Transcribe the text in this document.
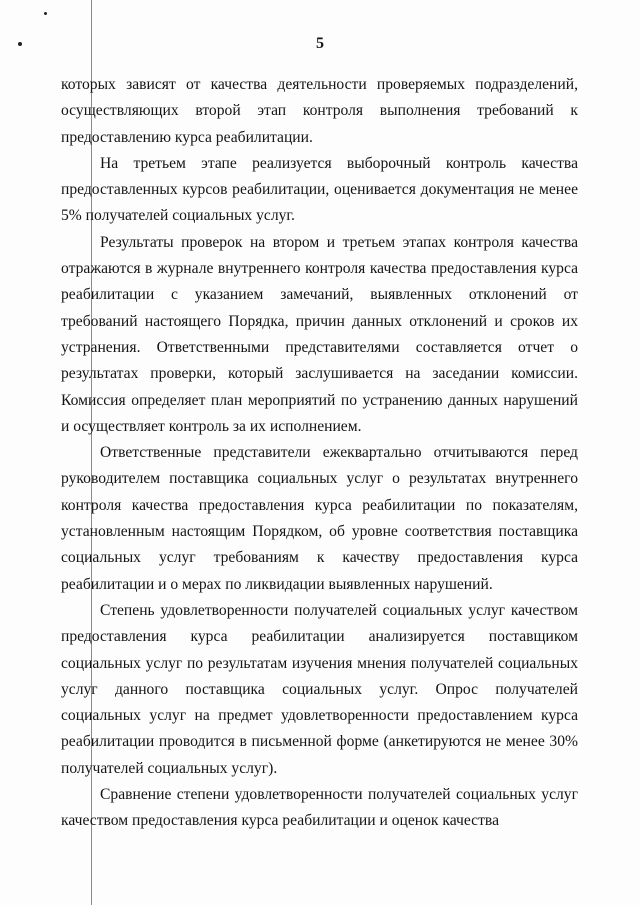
5

которых зависят от качества деятельности проверяемых подразделений, осуществляющих второй этап контроля выполнения требований к предоставлению курса реабилитации.

На третьем этапе реализуется выборочный контроль качества предоставленных курсов реабилитации, оценивается документация не менее 5% получателей социальных услуг.

Результаты проверок на втором и третьем этапах контроля качества отражаются в журнале внутреннего контроля качества предоставления курса реабилитации с указанием замечаний, выявленных отклонений от требований настоящего Порядка, причин данных отклонений и сроков их устранения. Ответственными представителями составляется отчет о результатах проверки, который заслушивается на заседании комиссии. Комиссия определяет план мероприятий по устранению данных нарушений и осуществляет контроль за их исполнением.

Ответственные представители ежеквартально отчитываются перед руководителем поставщика социальных услуг о результатах внутреннего контроля качества предоставления курса реабилитации по показателям, установленным настоящим Порядком, об уровне соответствия поставщика социальных услуг требованиям к качеству предоставления курса реабилитации и о мерах по ликвидации выявленных нарушений.

Степень удовлетворенности получателей социальных услуг качеством предоставления курса реабилитации анализируется поставщиком социальных услуг по результатам изучения мнения получателей социальных услуг данного поставщика социальных услуг. Опрос получателей социальных услуг на предмет удовлетворенности предоставлением курса реабилитации проводится в письменной форме (анкетируются не менее 30% получателей социальных услуг).

Сравнение степени удовлетворенности получателей социальных услуг качеством предоставления курса реабилитации и оценок качества
